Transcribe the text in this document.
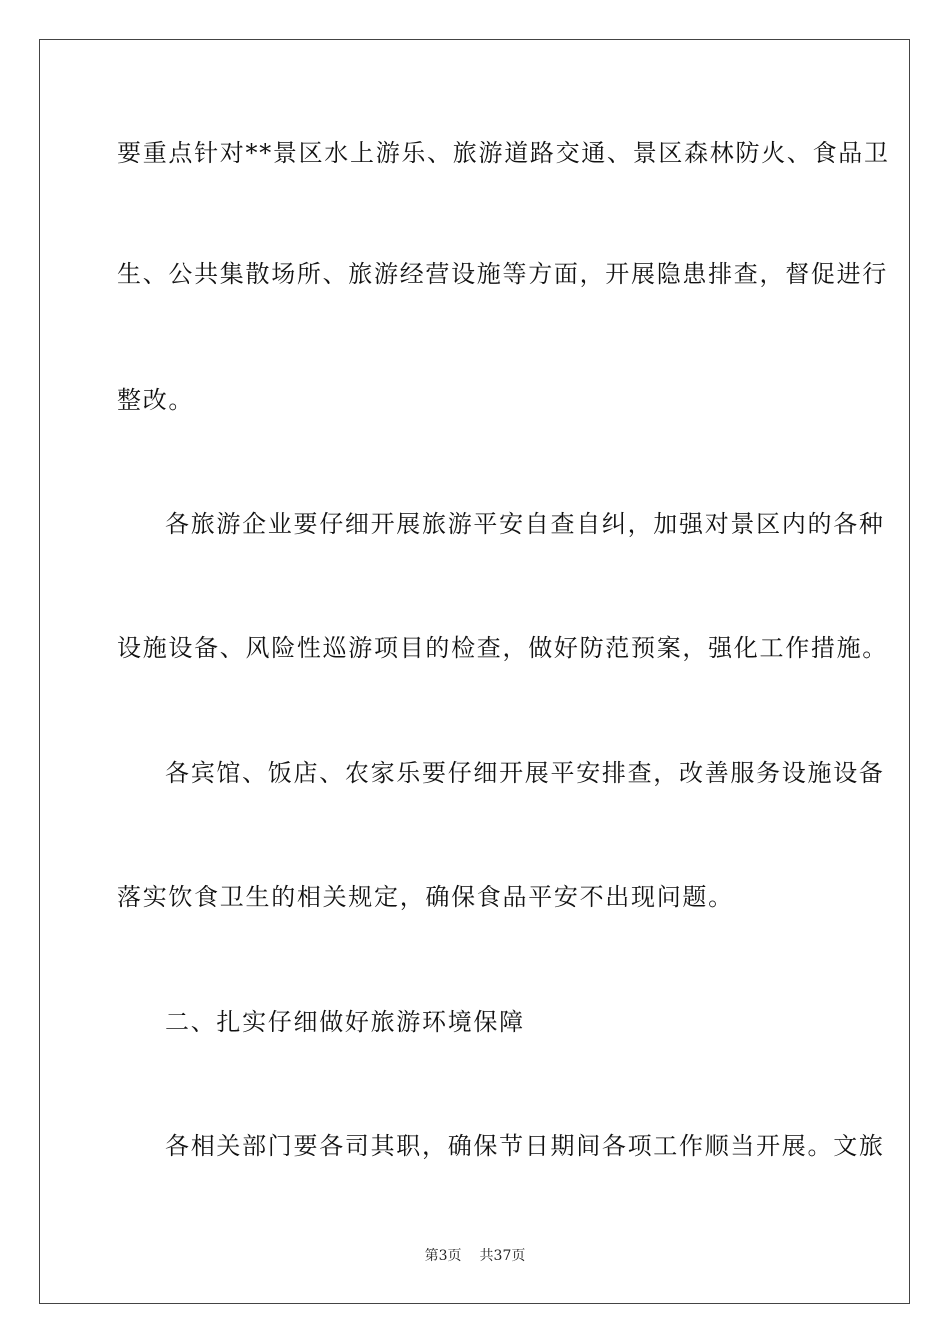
要重点针对**景区水上游乐、旅游道路交通、景区森林防火、食品卫
生、公共集散场所、旅游经营设施等方面，开展隐患排查，督促进行
整改。
各旅游企业要仔细开展旅游平安自查自纠，加强对景区内的各种
设施设备、风险性巡游项目的检查，做好防范预案，强化工作措施。
各宾馆、饭店、农家乐要仔细开展平安排查，改善服务设施设备
落实饮食卫生的相关规定，确保食品平安不出现问题。
二、扎实仔细做好旅游环境保障
各相关部门要各司其职，确保节日期间各项工作顺当开展。文旅
第3页 共37页
